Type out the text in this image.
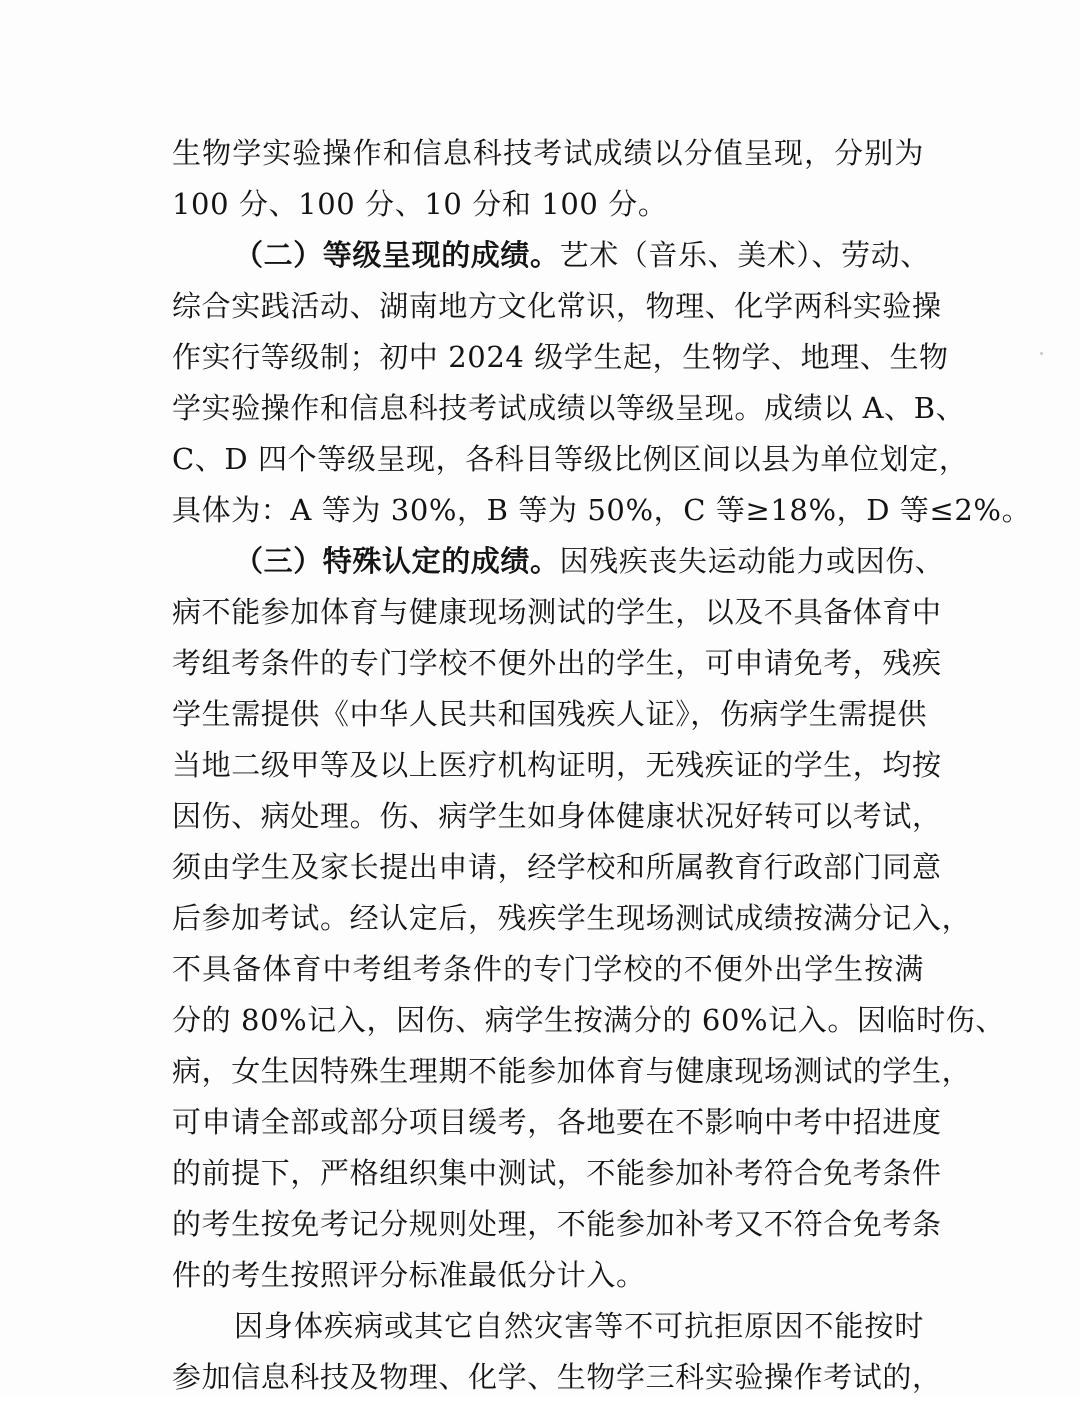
生物学实验操作和信息科技考试成绩以分值呈现，分别为
100 分、100 分、10 分和 100 分。
（二）等级呈现的成绩。艺术（音乐、美术）、劳动、
综合实践活动、湖南地方文化常识，物理、化学两科实验操
作实行等级制；初中 2024 级学生起，生物学、地理、生物
学实验操作和信息科技考试成绩以等级呈现。成绩以 A、B、
C、D 四个等级呈现，各科目等级比例区间以县为单位划定，
具体为：A 等为 30%，B 等为 50%，C 等≥18%，D 等≤2%。
（三）特殊认定的成绩。因残疾丧失运动能力或因伤、
病不能参加体育与健康现场测试的学生，以及不具备体育中
考组考条件的专门学校不便外出的学生，可申请免考，残疾
学生需提供《中华人民共和国残疾人证》，伤病学生需提供
当地二级甲等及以上医疗机构证明，无残疾证的学生，均按
因伤、病处理。伤、病学生如身体健康状况好转可以考试，
须由学生及家长提出申请，经学校和所属教育行政部门同意
后参加考试。经认定后，残疾学生现场测试成绩按满分记入，
不具备体育中考组考条件的专门学校的不便外出学生按满
分的 80%记入，因伤、病学生按满分的 60%记入。因临时伤、
病，女生因特殊生理期不能参加体育与健康现场测试的学生，
可申请全部或部分项目缓考，各地要在不影响中考中招进度
的前提下，严格组织集中测试，不能参加补考符合免考条件
的考生按免考记分规则处理，不能参加补考又不符合免考条
件的考生按照评分标准最低分计入。
因身体疾病或其它自然灾害等不可抗拒原因不能按时
参加信息科技及物理、化学、生物学三科实验操作考试的，
